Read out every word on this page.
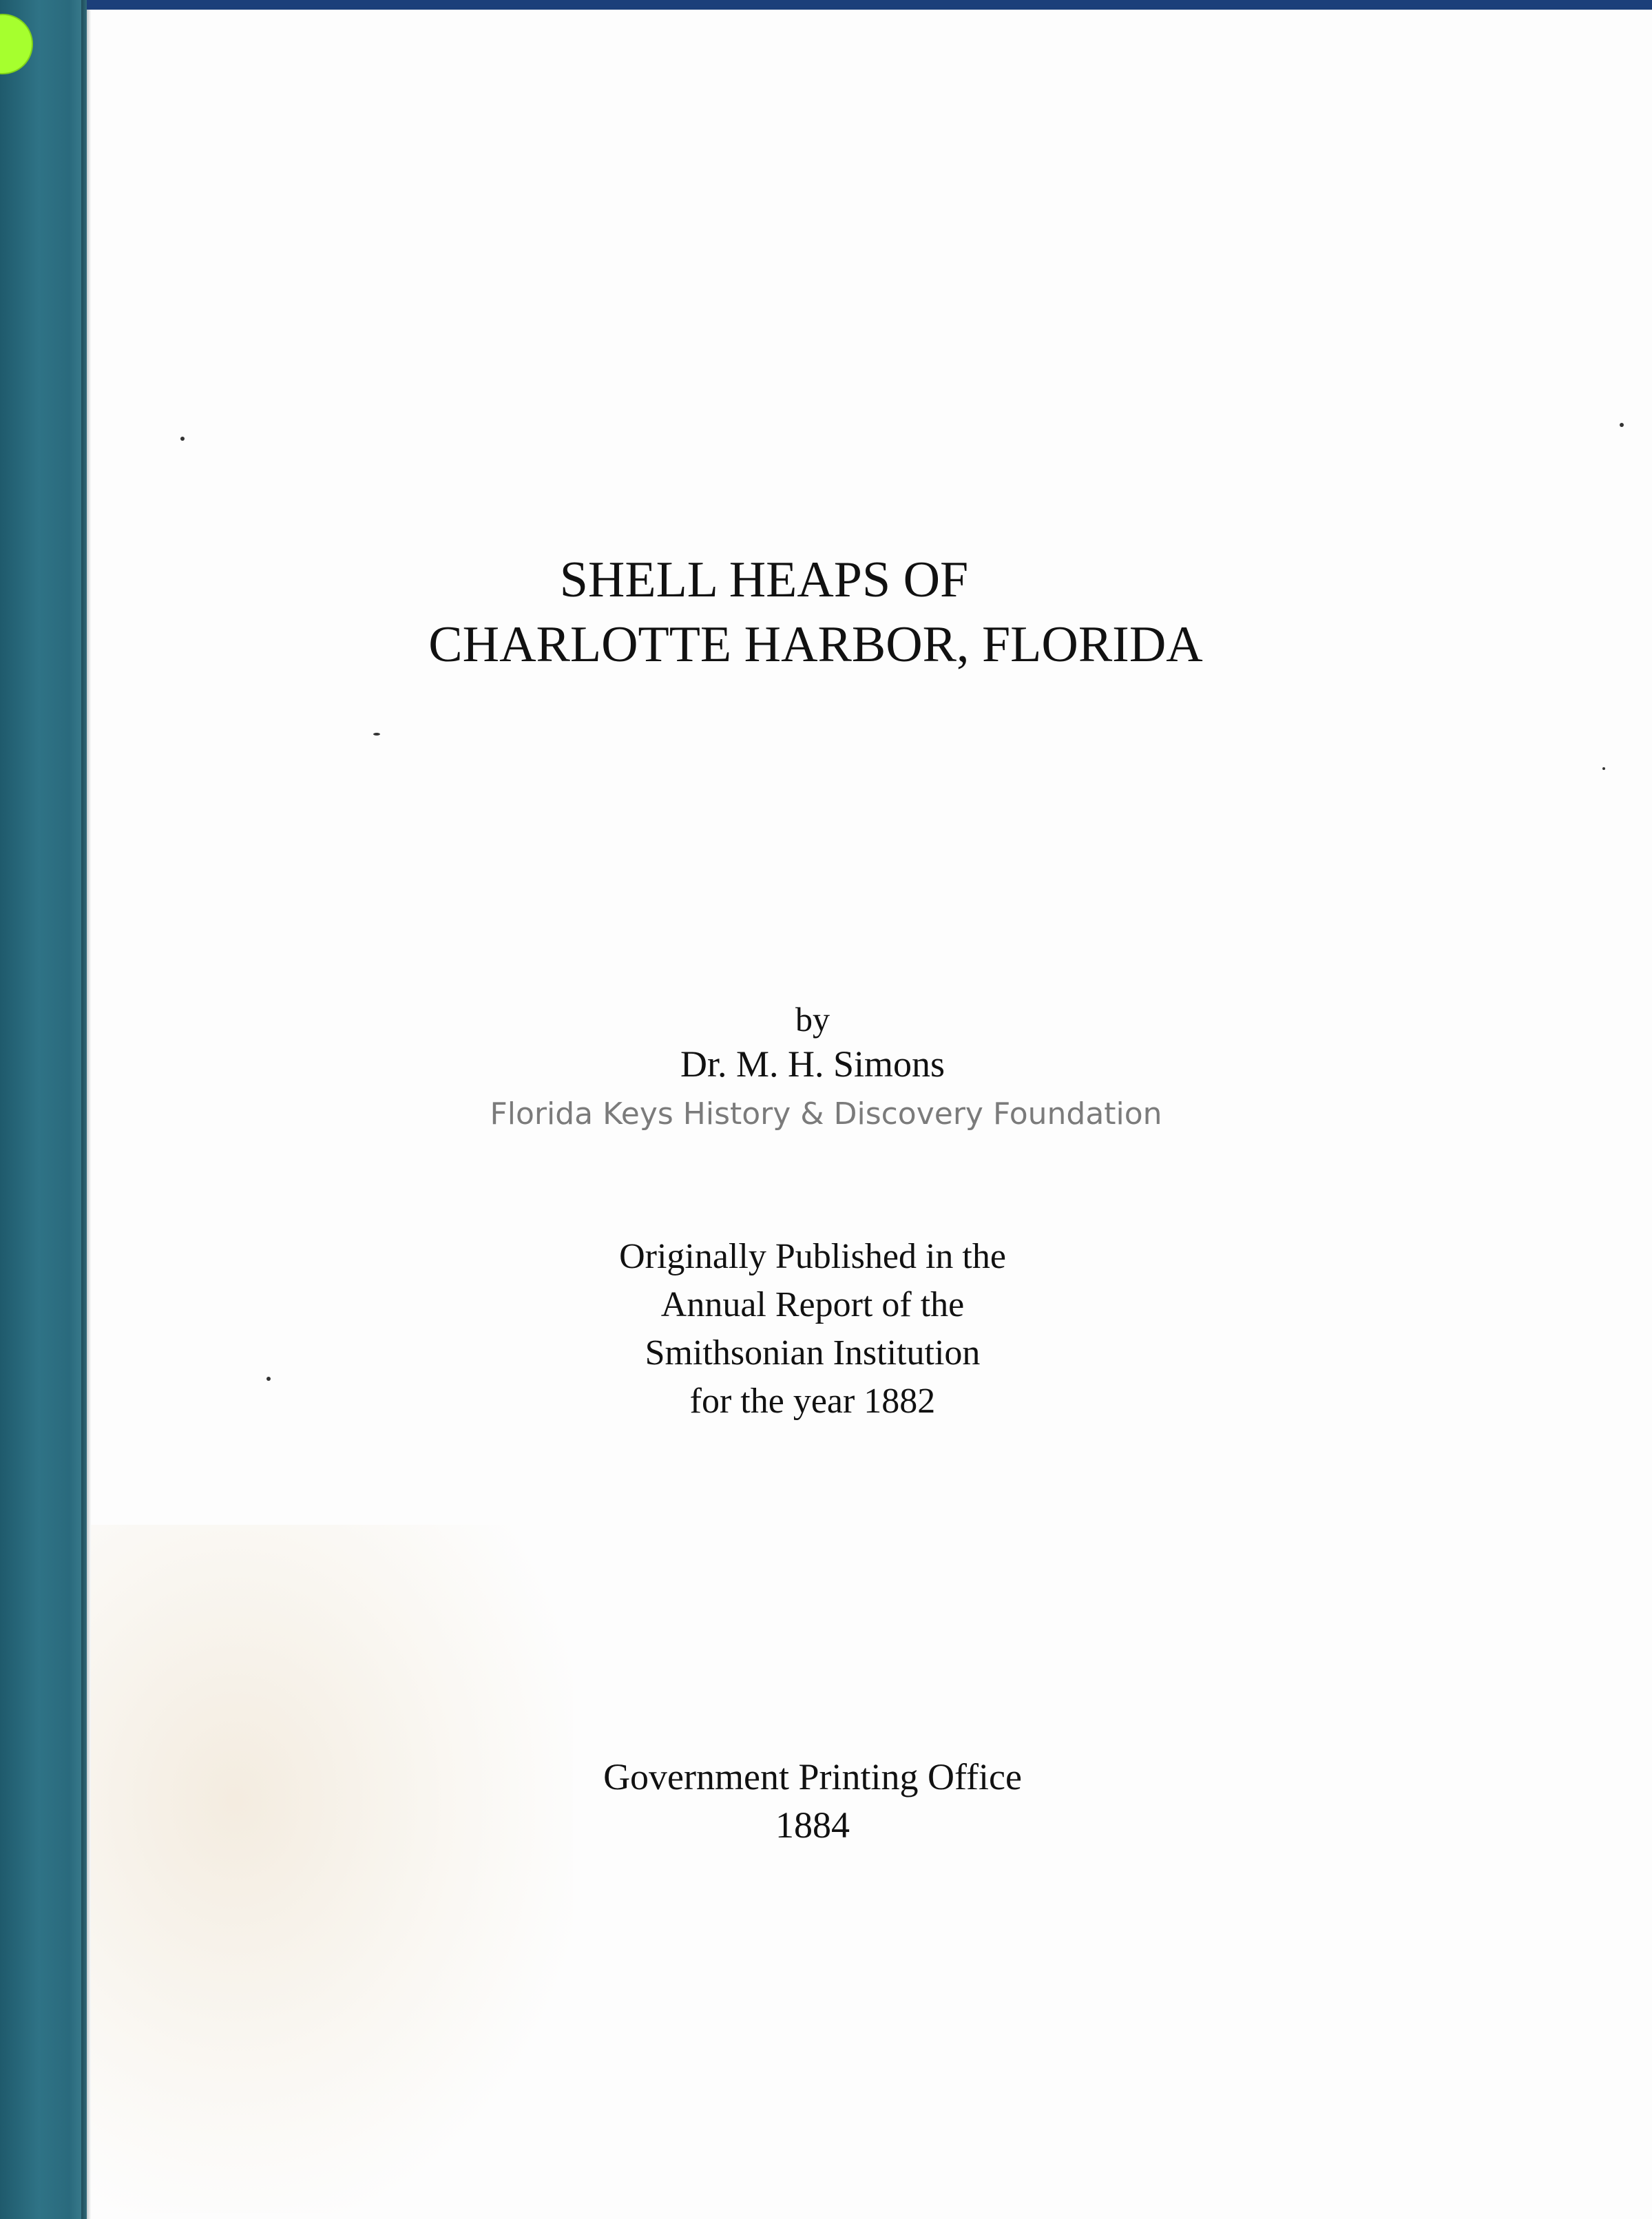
SHELL HEAPS OF
CHARLOTTE HARBOR, FLORIDA
by
Dr. M. H. Simons
Florida Keys History & Discovery Foundation
Originally Published in the
Annual Report of the
Smithsonian Institution
for the year 1882
Government Printing Office
1884
